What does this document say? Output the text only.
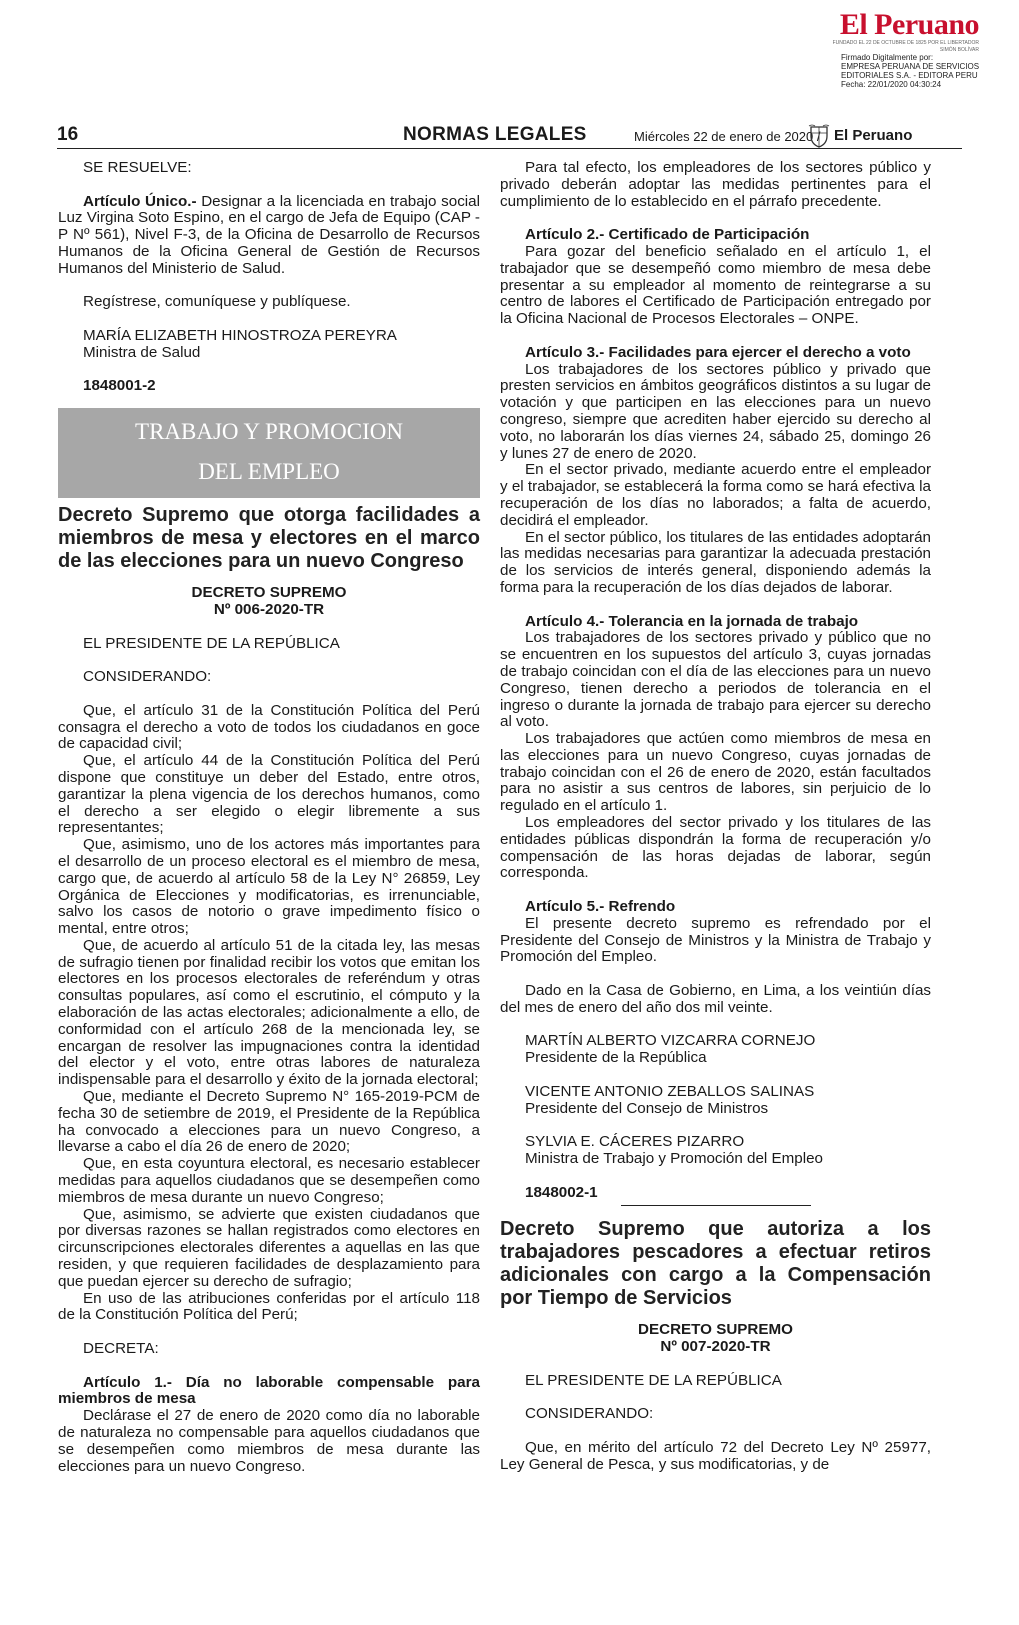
El Peruano
FUNDADO EL 22 DE OCTUBRE DE 1825 POR EL LIBERTADOR SIMÓN BOLÍVAR
Firmado Digitalmente por:
EMPRESA PERUANA DE SERVICIOS
EDITORIALES S.A. - EDITORA PERU
Fecha: 22/01/2020 04:30:24
16	NORMAS LEGALES	Miércoles 22 de enero de 2020 / El Peruano

SE RESUELVE:

Artículo Único.- Designar a la licenciada en trabajo social Luz Virgina Soto Espino, en el cargo de Jefa de Equipo (CAP - P Nº 561), Nivel F-3, de la Oficina de Desarrollo de Recursos Humanos de la Oficina General de Gestión de Recursos Humanos del Ministerio de Salud.

Regístrese, comuníquese y publíquese.

MARÍA ELIZABETH HINOSTROZA PEREYRA

Ministra de Salud

1848001-2

TRABAJO Y PROMOCION
DEL EMPLEO

Decreto Supremo que otorga facilidades a miembros de mesa y electores en el marco de las elecciones para un nuevo Congreso

DECRETO SUPREMO

Nº 006-2020-TR

EL PRESIDENTE DE LA REPÚBLICA

CONSIDERANDO:

Que, el artículo 31 de la Constitución Política del Perú consagra el derecho a voto de todos los ciudadanos en goce de capacidad civil;

Que, el artículo 44 de la Constitución Política del Perú dispone que constituye un deber del Estado, entre otros, garantizar la plena vigencia de los derechos humanos, como el derecho a ser elegido o elegir libremente a sus representantes;

Que, asimismo, uno de los actores más importantes para el desarrollo de un proceso electoral es el miembro de mesa, cargo que, de acuerdo al artículo 58 de la Ley N° 26859, Ley Orgánica de Elecciones y modificatorias, es irrenunciable, salvo los casos de notorio o grave impedimento físico o mental, entre otros;

Que, de acuerdo al artículo 51 de la citada ley, las mesas de sufragio tienen por finalidad recibir los votos que emitan los electores en los procesos electorales de referéndum y otras consultas populares, así como el escrutinio, el cómputo y la elaboración de las actas electorales; adicionalmente a ello, de conformidad con el artículo 268 de la mencionada ley, se encargan de resolver las impugnaciones contra la identidad del elector y el voto, entre otras labores de naturaleza indispensable para el desarrollo y éxito de la jornada electoral;

Que, mediante el Decreto Supremo N° 165-2019-PCM de fecha 30 de setiembre de 2019, el Presidente de la República ha convocado a elecciones para un nuevo Congreso, a llevarse a cabo el día 26 de enero de 2020;

Que, en esta coyuntura electoral, es necesario establecer medidas para aquellos ciudadanos que se desempeñen como miembros de mesa durante un nuevo Congreso;

Que, asimismo, se advierte que existen ciudadanos que por diversas razones se hallan registrados como electores en circunscripciones electorales diferentes a aquellas en las que residen, y que requieren facilidades de desplazamiento para que puedan ejercer su derecho de sufragio;

En uso de las atribuciones conferidas por el artículo 118 de la Constitución Política del Perú;

DECRETA:

Artículo 1.- Día no laborable compensable para miembros de mesa

Declárase el 27 de enero de 2020 como día no laborable de naturaleza no compensable para aquellos ciudadanos que se desempeñen como miembros de mesa durante las elecciones para un nuevo Congreso.

Para tal efecto, los empleadores de los sectores público y privado deberán adoptar las medidas pertinentes para el cumplimiento de lo establecido en el párrafo precedente.

Artículo 2.- Certificado de Participación

Para gozar del beneficio señalado en el artículo 1, el trabajador que se desempeñó como miembro de mesa debe presentar a su empleador al momento de reintegrarse a su centro de labores el Certificado de Participación entregado por la Oficina Nacional de Procesos Electorales – ONPE.

Artículo 3.- Facilidades para ejercer el derecho a voto

Los trabajadores de los sectores público y privado que presten servicios en ámbitos geográficos distintos a su lugar de votación y que participen en las elecciones para un nuevo congreso, siempre que acrediten haber ejercido su derecho al voto, no laborarán los días viernes 24, sábado 25, domingo 26 y lunes 27 de enero de 2020.

En el sector privado, mediante acuerdo entre el empleador y el trabajador, se establecerá la forma como se hará efectiva la recuperación de los días no laborados; a falta de acuerdo, decidirá el empleador.

En el sector público, los titulares de las entidades adoptarán las medidas necesarias para garantizar la adecuada prestación de los servicios de interés general, disponiendo además la forma para la recuperación de los días dejados de laborar.

Artículo 4.- Tolerancia en la jornada de trabajo

Los trabajadores de los sectores privado y público que no se encuentren en los supuestos del artículo 3, cuyas jornadas de trabajo coincidan con el día de las elecciones para un nuevo Congreso, tienen derecho a periodos de tolerancia en el ingreso o durante la jornada de trabajo para ejercer su derecho al voto.

Los trabajadores que actúen como miembros de mesa en las elecciones para un nuevo Congreso, cuyas jornadas de trabajo coincidan con el 26 de enero de 2020, están facultados para no asistir a sus centros de labores, sin perjuicio de lo regulado en el artículo 1.

Los empleadores del sector privado y los titulares de las entidades públicas dispondrán la forma de recuperación y/o compensación de las horas dejadas de laborar, según corresponda.

Artículo 5.- Refrendo

El presente decreto supremo es refrendado por el Presidente del Consejo de Ministros y la Ministra de Trabajo y Promoción del Empleo.

Dado en la Casa de Gobierno, en Lima, a los veintiún días del mes de enero del año dos mil veinte.

MARTÍN ALBERTO VIZCARRA CORNEJO

Presidente de la República

VICENTE ANTONIO ZEBALLOS SALINAS

Presidente del Consejo de Ministros

SYLVIA E. CÁCERES PIZARRO

Ministra de Trabajo y Promoción del Empleo

1848002-1

Decreto Supremo que autoriza a los trabajadores pescadores a efectuar retiros adicionales con cargo a la Compensación por Tiempo de Servicios

DECRETO SUPREMO

Nº 007-2020-TR

EL PRESIDENTE DE LA REPÚBLICA

CONSIDERANDO:

Que, en mérito del artículo 72 del Decreto Ley Nº 25977, Ley General de Pesca, y sus modificatorias, y de
